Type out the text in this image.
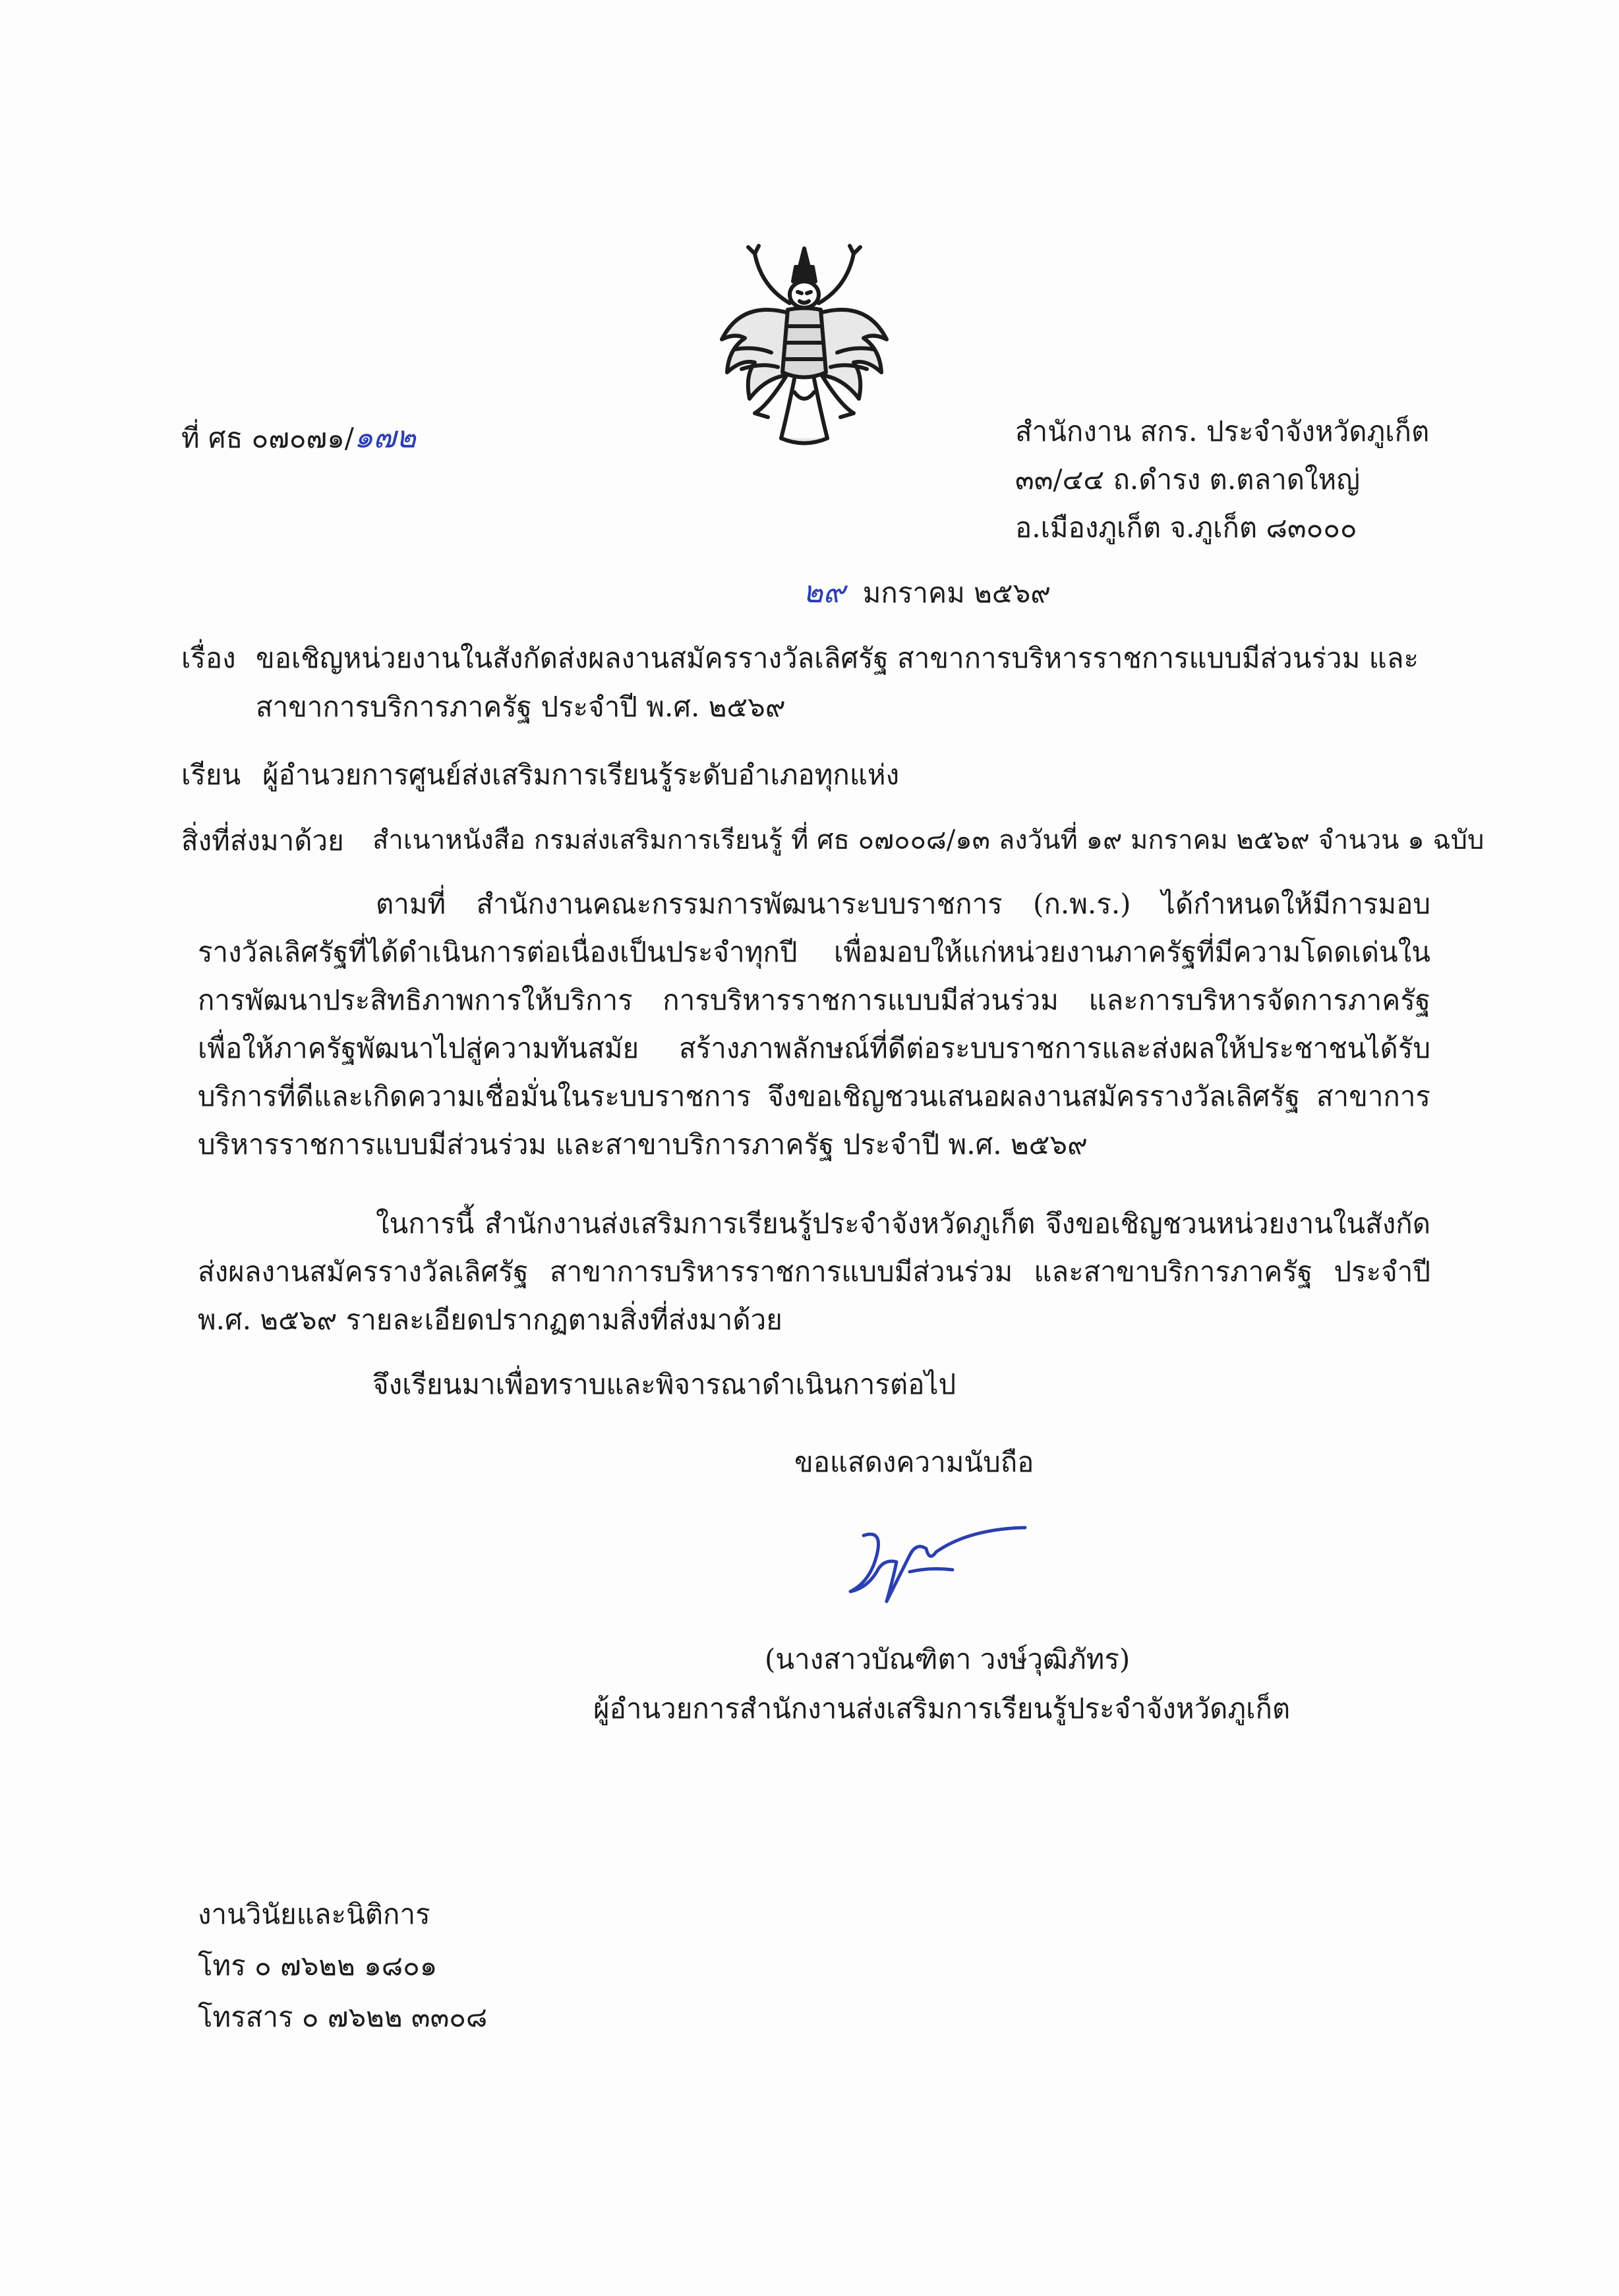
ที่ ศธ ๐๗๐๗๑/๑๗๒	สำนักงาน สกร. ประจำจังหวัดภูเก็ต
๓๓/๔๔ ถ.ดำรง ต.ตลาดใหญ่
อ.เมืองภูเก็ต จ.ภูเก็ต ๘๓๐๐๐
๒๙ มกราคม ๒๕๖๙
เรื่อง ขอเชิญหน่วยงานในสังกัดส่งผลงานสมัครรางวัลเลิศรัฐ สาขาการบริหารราชการแบบมีส่วนร่วม และ
สาขาการบริการภาครัฐ ประจำปี พ.ศ. ๒๕๖๙
เรียน ผู้อำนวยการศูนย์ส่งเสริมการเรียนรู้ระดับอำเภอทุกแห่ง
สิ่งที่ส่งมาด้วย สำเนาหนังสือ กรมส่งเสริมการเรียนรู้ ที่ ศธ ๐๗๐๐๘/๑๓ ลงวันที่ ๑๙ มกราคม ๒๕๖๙ จำนวน ๑ ฉบับ
ตามที่ สำนักงานคณะกรรมการพัฒนาระบบราชการ (ก.พ.ร.) ได้กำหนดให้มีการมอบรางวัลเลิศรัฐที่ได้ดำเนินการต่อเนื่องเป็นประจำทุกปี เพื่อมอบให้แก่หน่วยงานภาครัฐที่มีความโดดเด่นในการพัฒนาประสิทธิภาพการให้บริการ การบริหารราชการแบบมีส่วนร่วม และการบริหารจัดการภาครัฐ เพื่อให้ภาครัฐพัฒนาไปสู่ความทันสมัย สร้างภาพลักษณ์ที่ดีต่อระบบราชการและส่งผลให้ประชาชนได้รับบริการที่ดีและเกิดความเชื่อมั่นในระบบราชการ จึงขอเชิญชวนเสนอผลงานสมัครรางวัลเลิศรัฐ สาขาการบริหารราชการแบบมีส่วนร่วม และสาขาบริการภาครัฐ ประจำปี พ.ศ. ๒๕๖๙
ในการนี้ สำนักงานส่งเสริมการเรียนรู้ประจำจังหวัดภูเก็ต จึงขอเชิญชวนหน่วยงานในสังกัดส่งผลงานสมัครรางวัลเลิศรัฐ สาขาการบริหารราชการแบบมีส่วนร่วม และสาขาบริการภาครัฐ ประจำปี พ.ศ. ๒๕๖๙ รายละเอียดปรากฏตามสิ่งที่ส่งมาด้วย
จึงเรียนมาเพื่อทราบและพิจารณาดำเนินการต่อไป
ขอแสดงความนับถือ
(นางสาวบัณฑิตา วงษ์วุฒิภัทร)
ผู้อำนวยการสำนักงานส่งเสริมการเรียนรู้ประจำจังหวัดภูเก็ต
งานวินัยและนิติการ
โทร ๐ ๗๖๒๒ ๑๘๐๑
โทรสาร ๐ ๗๖๒๒ ๓๓๐๘
